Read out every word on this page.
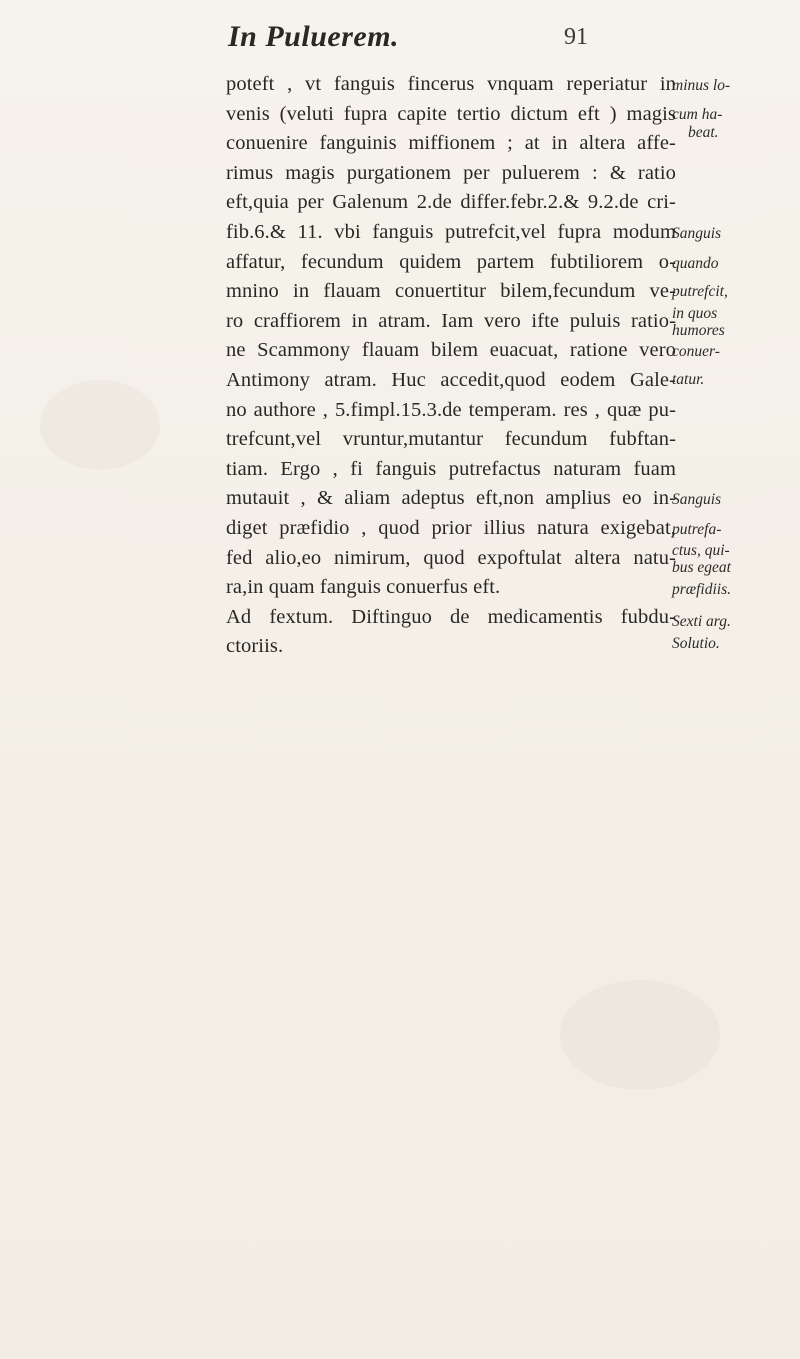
In Puluerem.	91
poteft , vt fanguis fincerus vnquam reperiatur in
venis (veluti fupra capite tertio dictum eft ) magis
conuenire fanguinis miffionem ; at in altera affe-
rimus magis purgationem per puluerem : & ratio
eft,quia per Galenum 2.de differ.febr.2.& 9.2.de cri-
fib.6.& 11. vbi fanguis putrefcit,vel fupra modum
affatur, fecundum quidem partem fubtiliorem o-
mnino in flauam conuertitur bilem,fecundum ve-
ro craffiorem in atram. Iam vero ifte puluis ratio-
ne Scammony flauam bilem euacuat, ratione vero
Antimony atram. Huc accedit,quod eodem Gale-
no authore , 5.fimpl.15.3.de temperam. res , quæ pu-
trefcunt,vel vruntur,mutantur fecundum fubftan-
tiam. Ergo , fi fanguis putrefactus naturam fuam
mutauit , & aliam adeptus eft,non amplius eo in-
diget præfidio , quod prior illius natura exigebat,
fed alio,eo nimirum, quod expoftulat altera natu-
ra,in quam fanguis conuerfus eft.
Ad fextum. Diftinguo de medicamentis fubdu-
ctoriis.
minus lo-
cum ha-
beat.
Sanguis
quando
putrefcit,
in quos
humores
conuer-
tatur.
Sanguis
putrefa-
ctus, qui-
bus egeat
præfidiis.
Sexti arg.
Solutio.
